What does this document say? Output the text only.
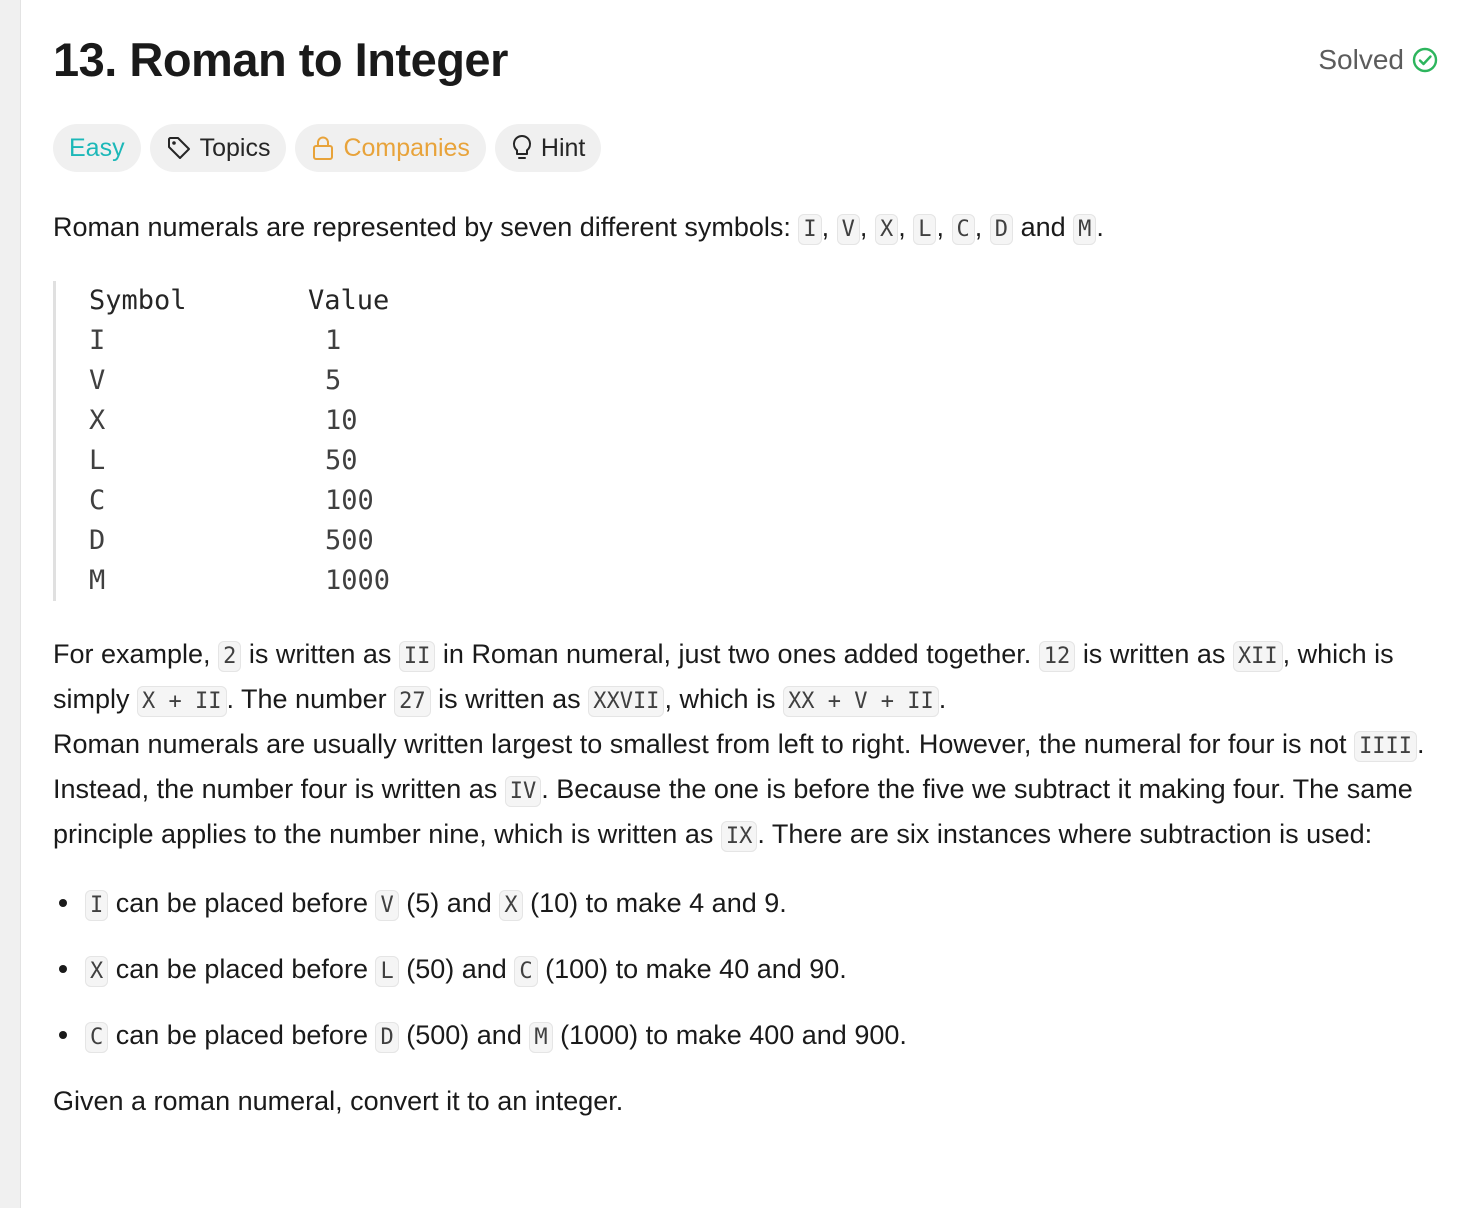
13. Roman to Integer	Solved
Easy	Topics	Companies	Hint

Roman numerals are represented by seven different symbols: I , V , X , L , C , D and M .

Symbol	Value
I	1
V	5
X	10
L	50
C	100
D	500
M	1000

For example, 2 is written as II in Roman numeral, just two ones added together. 12 is written as XII , which is simply X + II . The number 27 is written as XXVII , which is XX + V + II .

Roman numerals are usually written largest to smallest from left to right. However, the numeral for four is not IIII . Instead, the number four is written as IV . Because the one is before the five we subtract it making four. The same principle applies to the number nine, which is written as IX . There are six instances where subtraction is used:

I can be placed before V (5) and X (10) to make 4 and 9.
X can be placed before L (50) and C (100) to make 40 and 90.
C can be placed before D (500) and M (1000) to make 400 and 900.

Given a roman numeral, convert it to an integer.
